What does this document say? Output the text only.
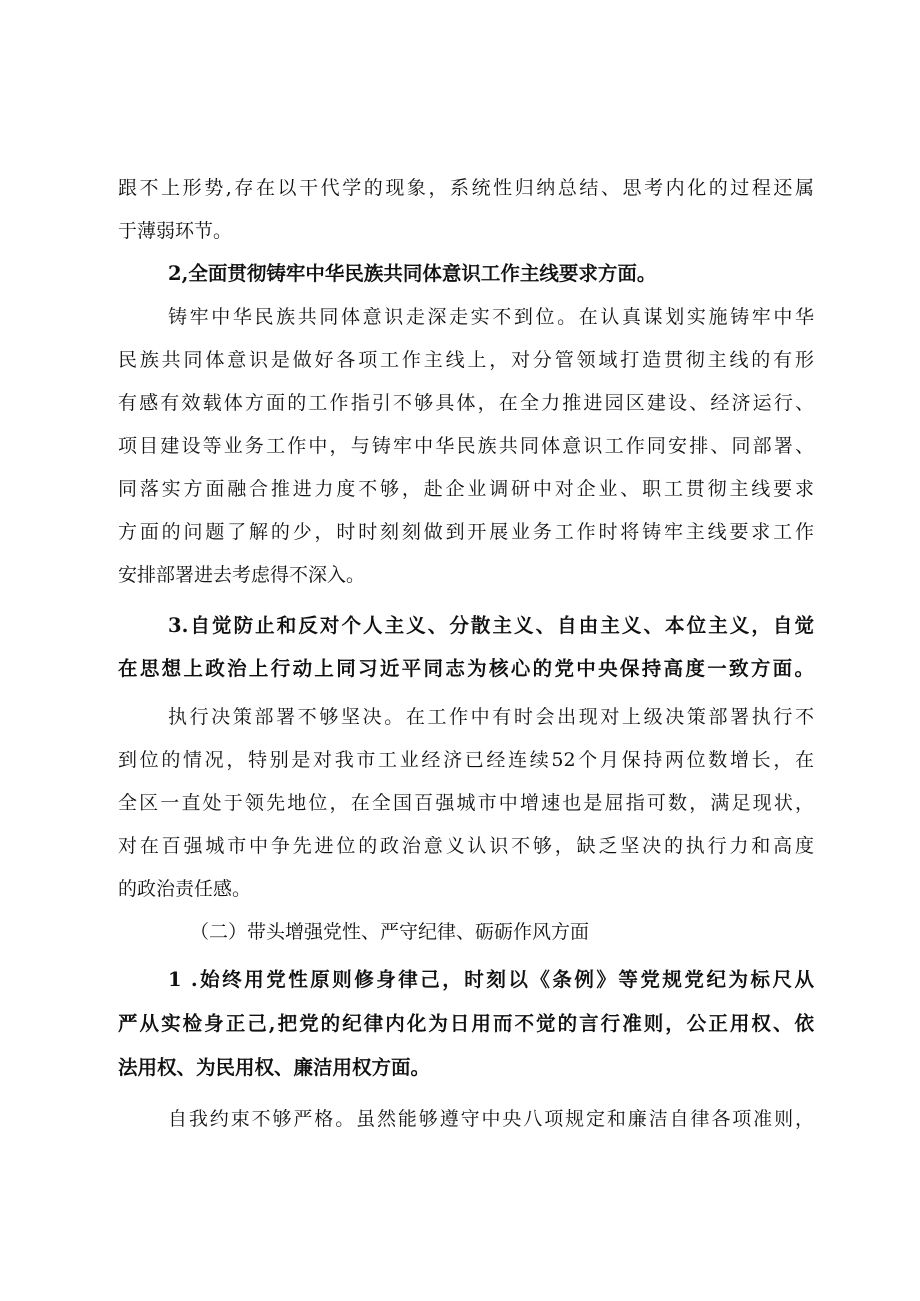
跟不上形势,存在以干代学的现象，系统性归纳总结、思考内化的过程还属
于薄弱环节。
2,全面贯彻铸牢中华民族共同体意识工作主线要求方面。
铸牢中华民族共同体意识走深走实不到位。在认真谋划实施铸牢中华
民族共同体意识是做好各项工作主线上，对分管领域打造贯彻主线的有形
有感有效载体方面的工作指引不够具体，在全力推进园区建设、经济运行、
项目建设等业务工作中，与铸牢中华民族共同体意识工作同安排、同部署、
同落实方面融合推进力度不够，赴企业调研中对企业、职工贯彻主线要求
方面的问题了解的少，时时刻刻做到开展业务工作时将铸牢主线要求工作
安排部署进去考虑得不深入。
3.自觉防止和反对个人主义、分散主义、自由主义、本位主义，自觉
在思想上政治上行动上同习近平同志为核心的党中央保持高度一致方面。
执行决策部署不够坚决。在工作中有时会出现对上级决策部署执行不
到位的情况，特别是对我市工业经济已经连续52个月保持两位数增长，在
全区一直处于领先地位，在全国百强城市中增速也是屈指可数，满足现状，
对在百强城市中争先进位的政治意义认识不够，缺乏坚决的执行力和高度
的政治责任感。
（二）带头增强党性、严守纪律、砺砺作风方面
1 .始终用党性原则修身律己，时刻以《条例》等党规党纪为标尺从
严从实检身正己,把党的纪律内化为日用而不觉的言行准则，公正用权、依
法用权、为民用权、廉洁用权方面。
自我约束不够严格。虽然能够遵守中央八项规定和廉洁自律各项准则，
